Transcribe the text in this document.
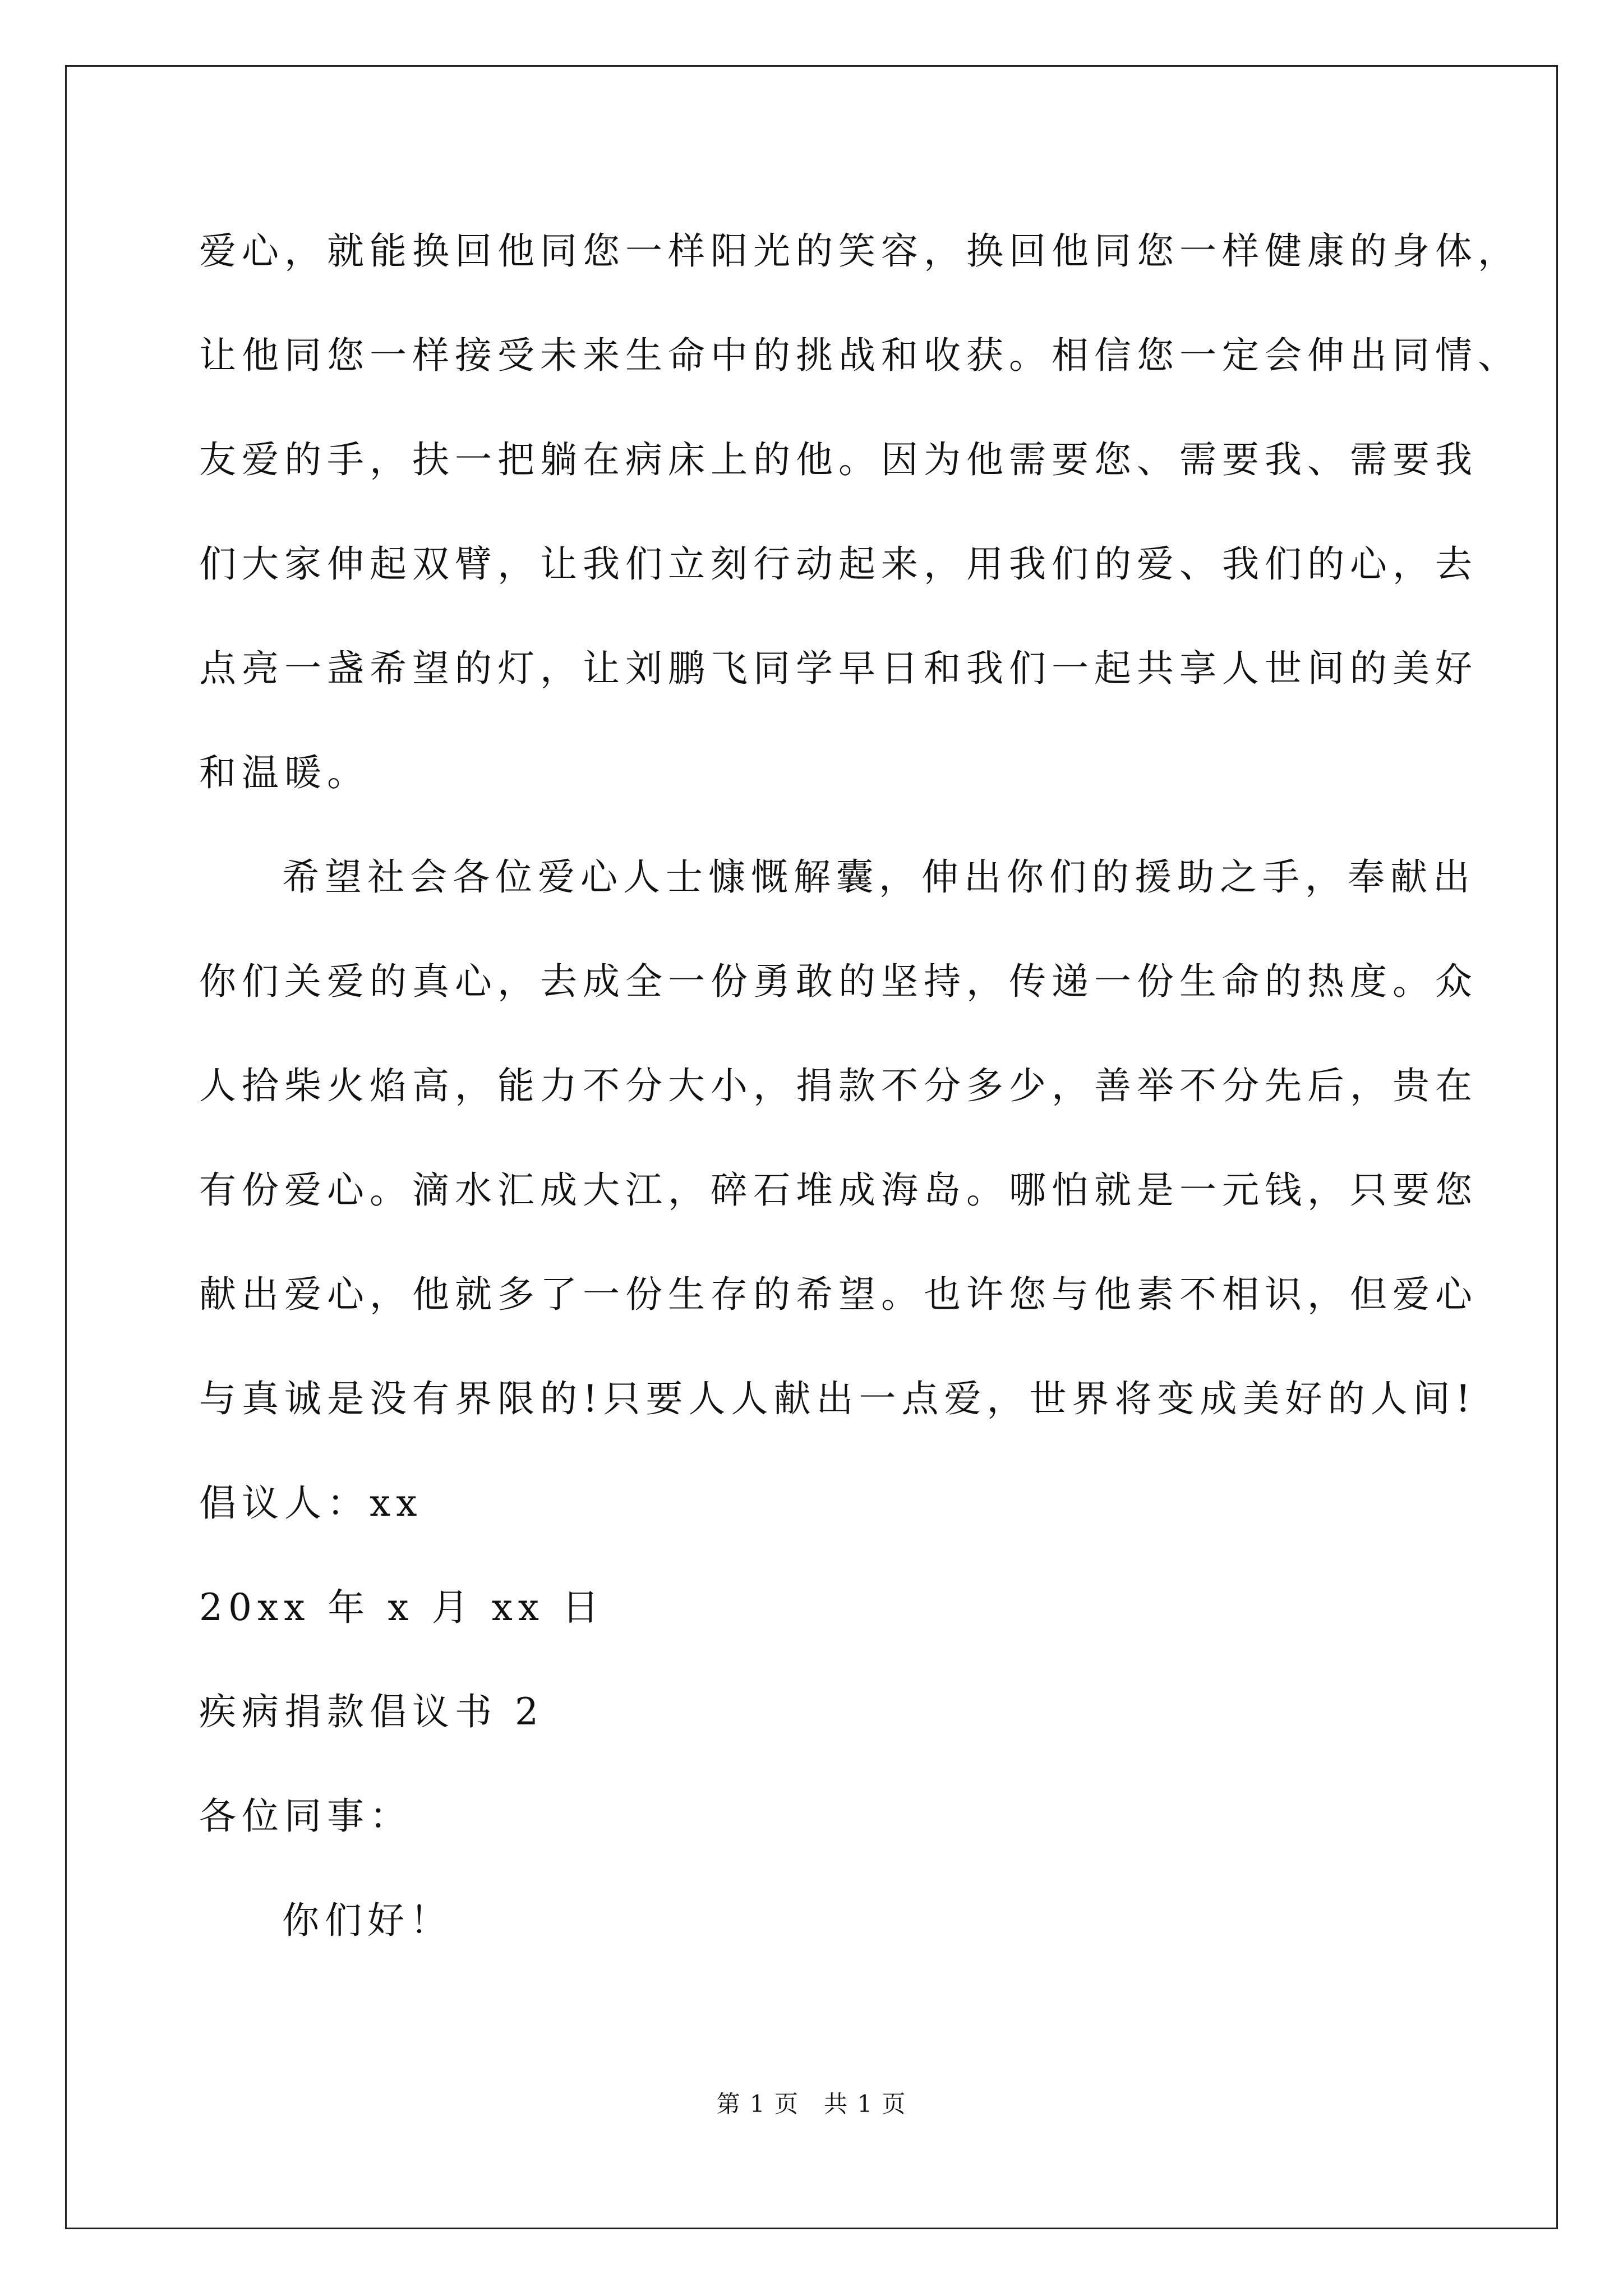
爱心，就能换回他同您一样阳光的笑容，换回他同您一样健康的身体，
让他同您一样接受未来生命中的挑战和收获。相信您一定会伸出同情、
友爱的手，扶一把躺在病床上的他。因为他需要您、需要我、需要我
们大家伸起双臂，让我们立刻行动起来，用我们的爱、我们的心，去
点亮一盏希望的灯，让刘鹏飞同学早日和我们一起共享人世间的美好
和温暖。
希望社会各位爱心人士慷慨解囊，伸出你们的援助之手，奉献出
你们关爱的真心，去成全一份勇敢的坚持，传递一份生命的热度。众
人拾柴火焰高，能力不分大小，捐款不分多少，善举不分先后，贵在
有份爱心。滴水汇成大江，碎石堆成海岛。哪怕就是一元钱，只要您
献出爱心，他就多了一份生存的希望。也许您与他素不相识，但爱心
与真诚是没有界限的!只要人人献出一点爱，世界将变成美好的人间!
倡议人：xx
20xx 年 x 月 xx 日
疾病捐款倡议书 2
各位同事：
你们好！
第 1 页 共 1 页
